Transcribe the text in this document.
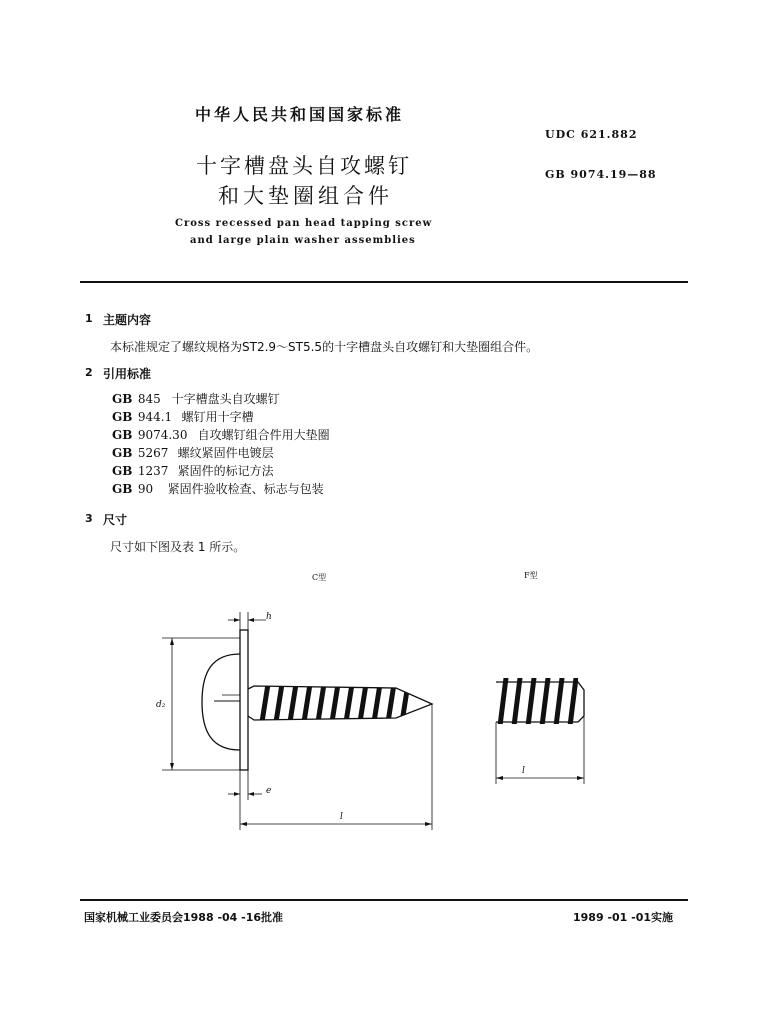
中华人民共和国国家标准
UDC 621.882
十字槽盘头自攻螺钉	GB 9074.19—88
和大垫圈组合件
Cross recessed pan head tapping screw
and large plain washer assemblies
1 主题内容
本标准规定了螺纹规格为ST2.9～ST5.5的十字槽盘头自攻螺钉和大垫圈组合件。
2 引用标准
GB 845 十字槽盘头自攻螺钉
GB 944.1 螺钉用十字槽
GB 9074.30 自攻螺钉组合件用大垫圈
GB 5267 螺纹紧固件电镀层
GB 1237 紧固件的标记方法
GB 90 紧固件验收检查、标志与包装
3 尺寸
尺寸如下图及表 1 所示。
C型	F型
h
d₂
e
l
l
国家机械工业委员会1988 -04 -16批准	1989 -01 -01实施
